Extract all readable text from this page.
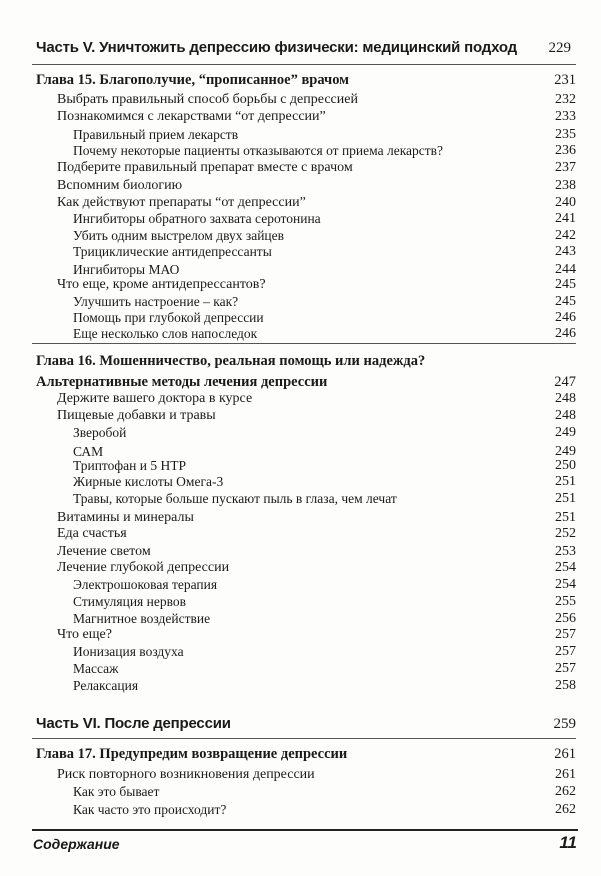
Часть V. Уничтожить депрессию физически: медицинский подход 229
Глава 15. Благополучие, “прописанное” врачом	231
Выбрать правильный способ борьбы с депрессией	232
Познакомимся с лекарствами “от депрессии”	233
Правильный прием лекарств	235
Почему некоторые пациенты отказываются от приема лекарств?	236
Подберите правильный препарат вместе с врачом	237
Вспомним биологию	238
Как действуют препараты “от депрессии”	240
Ингибиторы обратного захвата серотонина	241
Убить одним выстрелом двух зайцев	242
Трициклические антидепрессанты	243
Ингибиторы МАО	244
Что еще, кроме антидепрессантов?	245
Улучшить настроение – как?	245
Помощь при глубокой депрессии	246
Еще несколько слов напоследок	246
Глава 16. Мошенничество, реальная помощь или надежда?
Альтернативные методы лечения депрессии	247
Держите вашего доктора в курсе	248
Пищевые добавки и травы	248
Зверобой	249
САМ	249
Триптофан и 5 НТР	250
Жирные кислоты Омега-3	251
Травы, которые больше пускают пыль в глаза, чем лечат	251
Витамины и минералы	251
Еда счастья	252
Лечение светом	253
Лечение глубокой депрессии	254
Электрошоковая терапия	254
Стимуляция нервов	255
Магнитное воздействие	256
Что еще?	257
Ионизация воздуха	257
Массаж	257
Релаксация	258
Часть VI. После депрессии	259
Глава 17. Предупредим возвращение депрессии	261
Риск повторного возникновения депрессии	261
Как это бывает	262
Как часто это происходит?	262
Содержание	11
